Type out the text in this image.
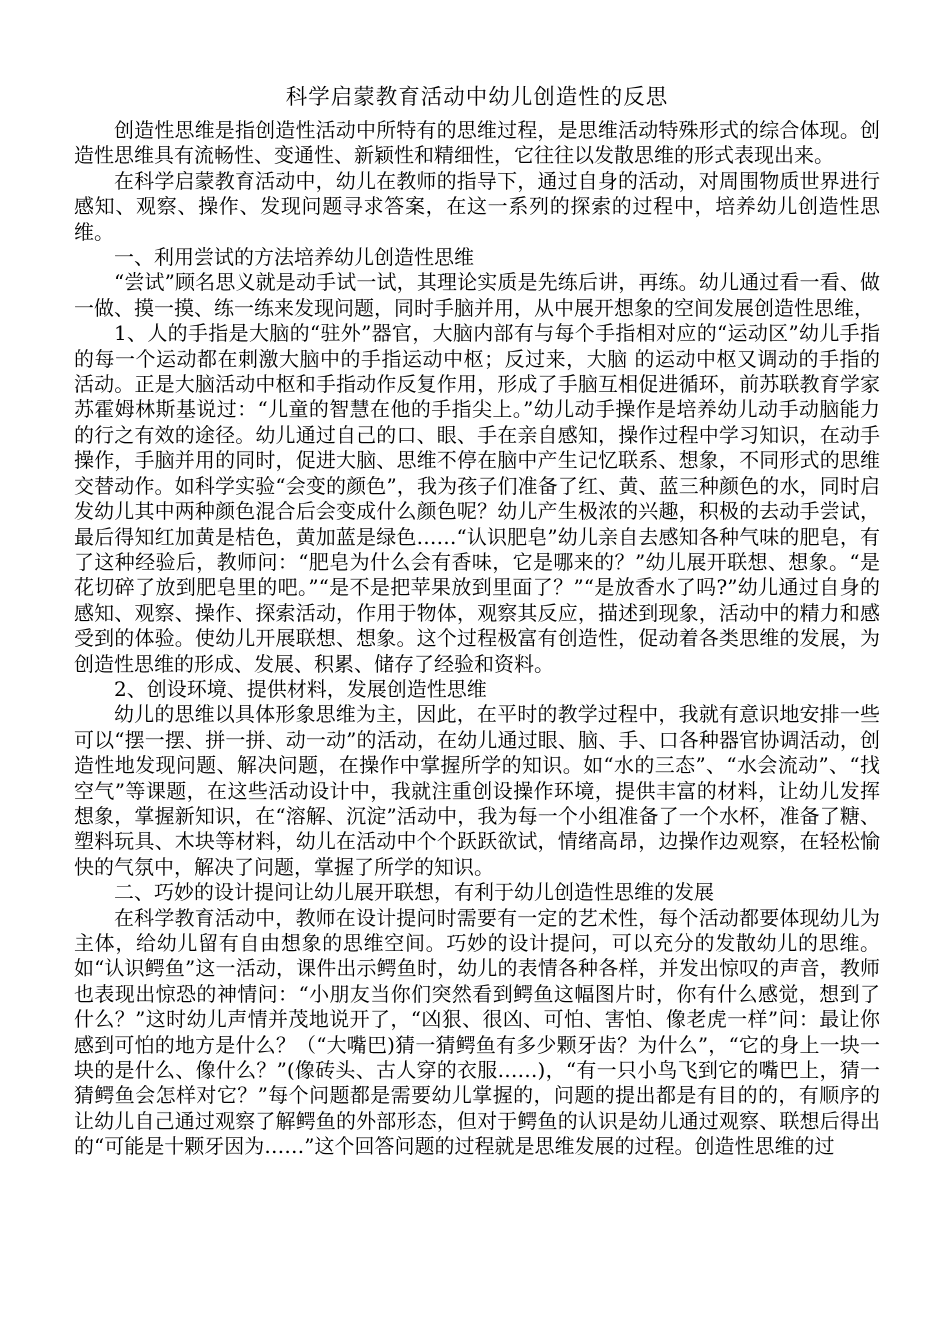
科学启蒙教育活动中幼儿创造性的反思

创造性思维是指创造性活动中所特有的思维过程，是思维活动特殊形式的综合体现。创造性思维具有流畅性、变通性、新颖性和精细性，它往往以发散思维的形式表现出来。

在科学启蒙教育活动中，幼儿在教师的指导下，通过自身的活动，对周围物质世界进行感知、观察、操作、发现问题寻求答案，在这一系列的探索的过程中，培养幼儿创造性思维。

一、利用尝试的方法培养幼儿创造性思维

“尝试”顾名思义就是动手试一试，其理论实质是先练后讲，再练。幼儿通过看一看、做一做、摸一摸、练一练来发现问题，同时手脑并用，从中展开想象的空间发展创造性思维，

1、人的手指是大脑的“驻外”器官，大脑内部有与每个手指相对应的“运动区”幼儿手指的每一个运动都在刺激大脑中的手指运动中枢；反过来，大脑 的运动中枢又调动的手指的活动。正是大脑活动中枢和手指动作反复作用，形成了手脑互相促进循环，前苏联教育学家苏霍姆林斯基说过：“儿童的智慧在他的手指尖上。”幼儿动手操作是培养幼儿动手动脑能力的行之有效的途径。幼儿通过自己的口、眼、手在亲自感知，操作过程中学习知识，在动手操作，手脑并用的同时，促进大脑、思维不停在脑中产生记忆联系、想象，不同形式的思维交替动作。如科学实验“会变的颜色”，我为孩子们准备了红、黄、蓝三种颜色的水，同时启发幼儿其中两种颜色混合后会变成什么颜色呢？幼儿产生极浓的兴趣，积极的去动手尝试，最后得知红加黄是桔色，黄加蓝是绿色……“认识肥皂”幼儿亲自去感知各种气味的肥皂，有了这种经验后，教师问：“肥皂为什么会有香味，它是哪来的？”幼儿展开联想、想象。“是花切碎了放到肥皂里的吧。”“是不是把苹果放到里面了？”“是放香水了吗?”幼儿通过自身的感知、观察、操作、探索活动，作用于物体，观察其反应，描述到现象，活动中的精力和感受到的体验。使幼儿开展联想、想象。这个过程极富有创造性，促动着各类思维的发展，为创造性思维的形成、发展、积累、储存了经验和资料。

2、创设环境、提供材料，发展创造性思维

幼儿的思维以具体形象思维为主，因此，在平时的教学过程中，我就有意识地安排一些可以“摆一摆、拼一拼、动一动”的活动，在幼儿通过眼、脑、手、口各种器官协调活动，创造性地发现问题、解决问题，在操作中掌握所学的知识。如“水的三态”、“水会流动”、“找空气”等课题，在这些活动设计中，我就注重创设操作环境，提供丰富的材料，让幼儿发挥想象，掌握新知识，在“溶解、沉淀”活动中，我为每一个小组准备了一个水杯，准备了糖、塑料玩具、木块等材料，幼儿在活动中个个跃跃欲试，情绪高昂，边操作边观察，在轻松愉快的气氛中，解决了问题，掌握了所学的知识。

二、巧妙的设计提问让幼儿展开联想，有利于幼儿创造性思维的发展

在科学教育活动中，教师在设计提问时需要有一定的艺术性，每个活动都要体现幼儿为主体，给幼儿留有自由想象的思维空间。巧妙的设计提问，可以充分的发散幼儿的思维。如“认识鳄鱼”这一活动，课件出示鳄鱼时，幼儿的表情各种各样，并发出惊叹的声音，教师也表现出惊恐的神情问：“小朋友当你们突然看到鳄鱼这幅图片时，你有什么感觉，想到了什么？”这时幼儿声情并茂地说开了，“凶狠、很凶、可怕、害怕、像老虎一样”问：最让你感到可怕的地方是什么？（“大嘴巴)猜一猜鳄鱼有多少颗牙齿？为什么”，“它的身上一块一块的是什么、像什么？”(像砖头、古人穿的衣服……)，“有一只小鸟飞到它的嘴巴上，猜一猜鳄鱼会怎样对它？”每个问题都是需要幼儿掌握的，问题的提出都是有目的的，有顺序的让幼儿自己通过观察了解鳄鱼的外部形态，但对于鳄鱼的认识是幼儿通过观察、联想后得出的“可能是十颗牙因为……”这个回答问题的过程就是思维发展的过程。创造性思维的过
